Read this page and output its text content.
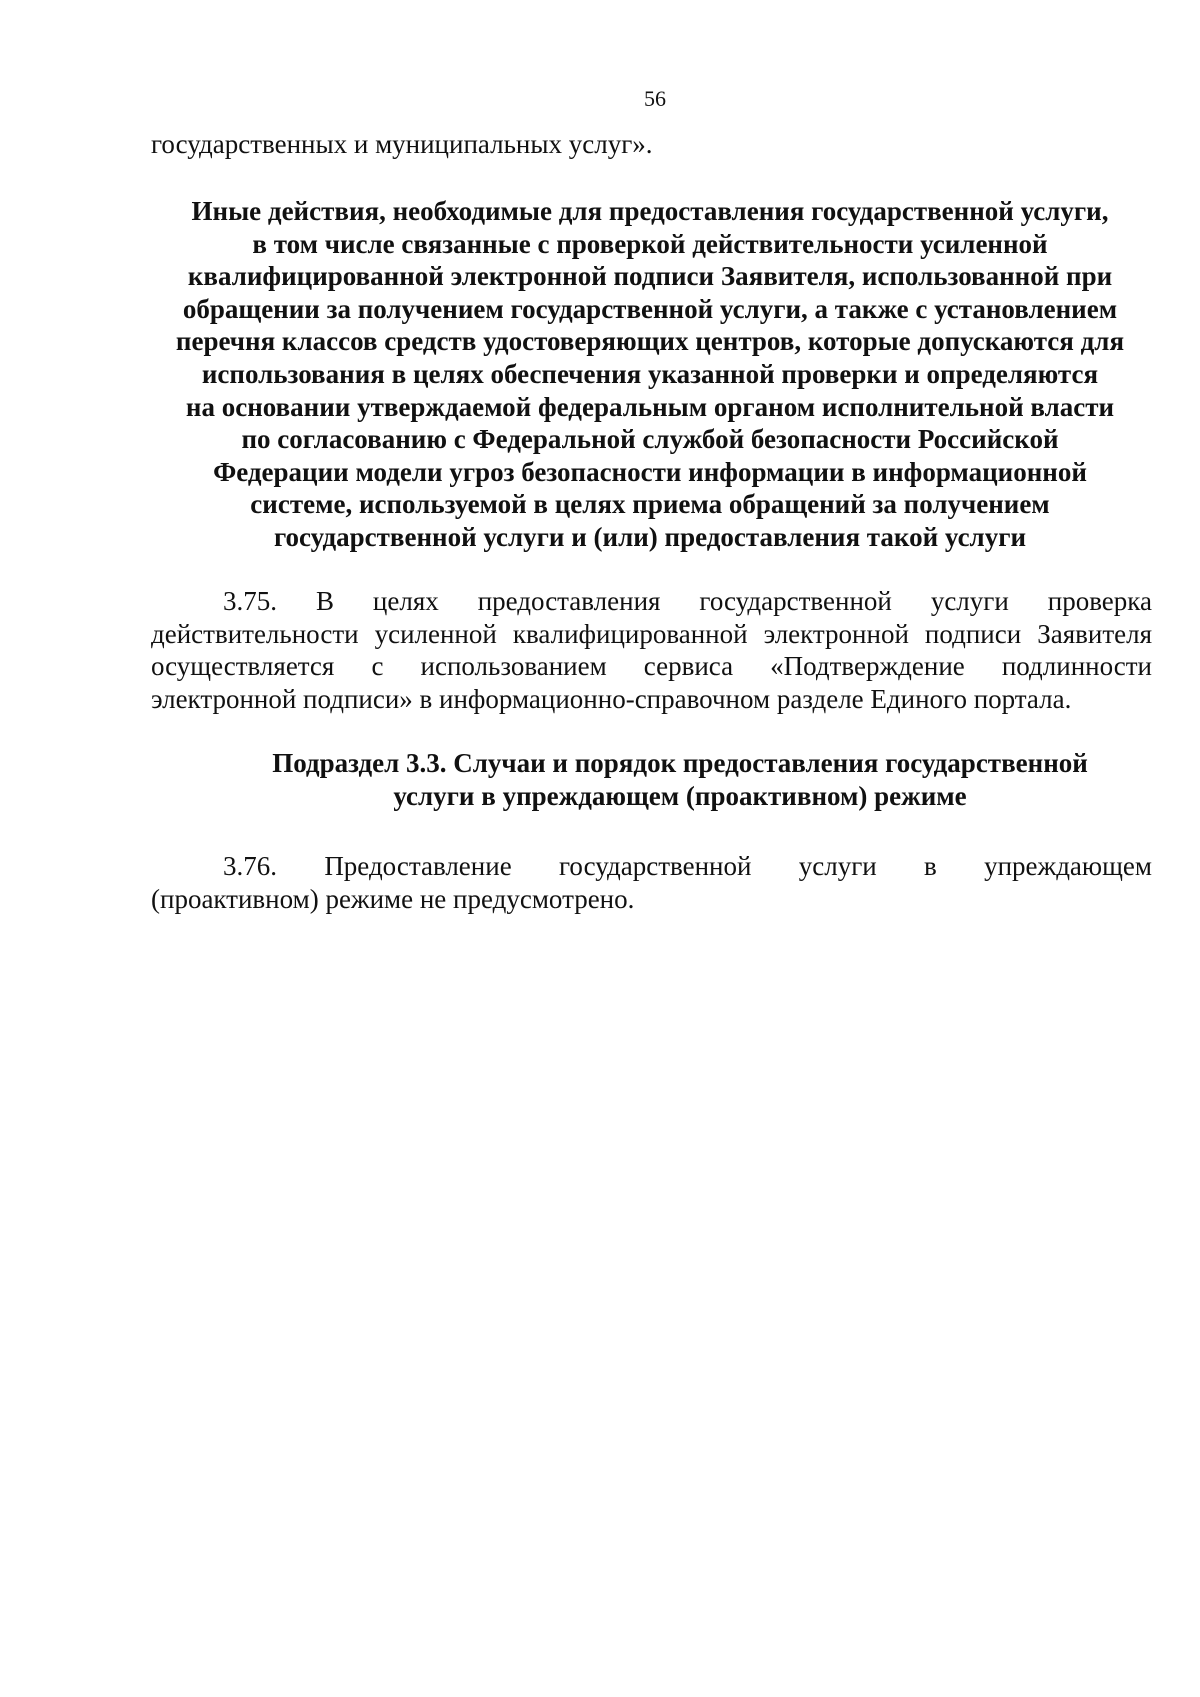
56
государственных и муниципальных услуг».
Иные действия, необходимые для предоставления государственной услуги,
в том числе связанные с проверкой действительности усиленной
квалифицированной электронной подписи Заявителя, использованной при
обращении за получением государственной услуги, а также с установлением
перечня классов средств удостоверяющих центров, которые допускаются для
использования в целях обеспечения указанной проверки и определяются
на основании утверждаемой федеральным органом исполнительной власти
по согласованию с Федеральной службой безопасности Российской
Федерации модели угроз безопасности информации в информационной
системе, используемой в целях приема обращений за получением
государственной услуги и (или) предоставления такой услуги
3.75. В целях предоставления государственной услуги проверка
действительности усиленной квалифицированной электронной подписи Заявителя
осуществляется с использованием сервиса «Подтверждение подлинности
электронной подписи» в информационно-справочном разделе Единого портала.
Подраздел 3.3. Случаи и порядок предоставления государственной
услуги в упреждающем (проактивном) режиме
3.76. Предоставление государственной услуги в упреждающем
(проактивном) режиме не предусмотрено.
